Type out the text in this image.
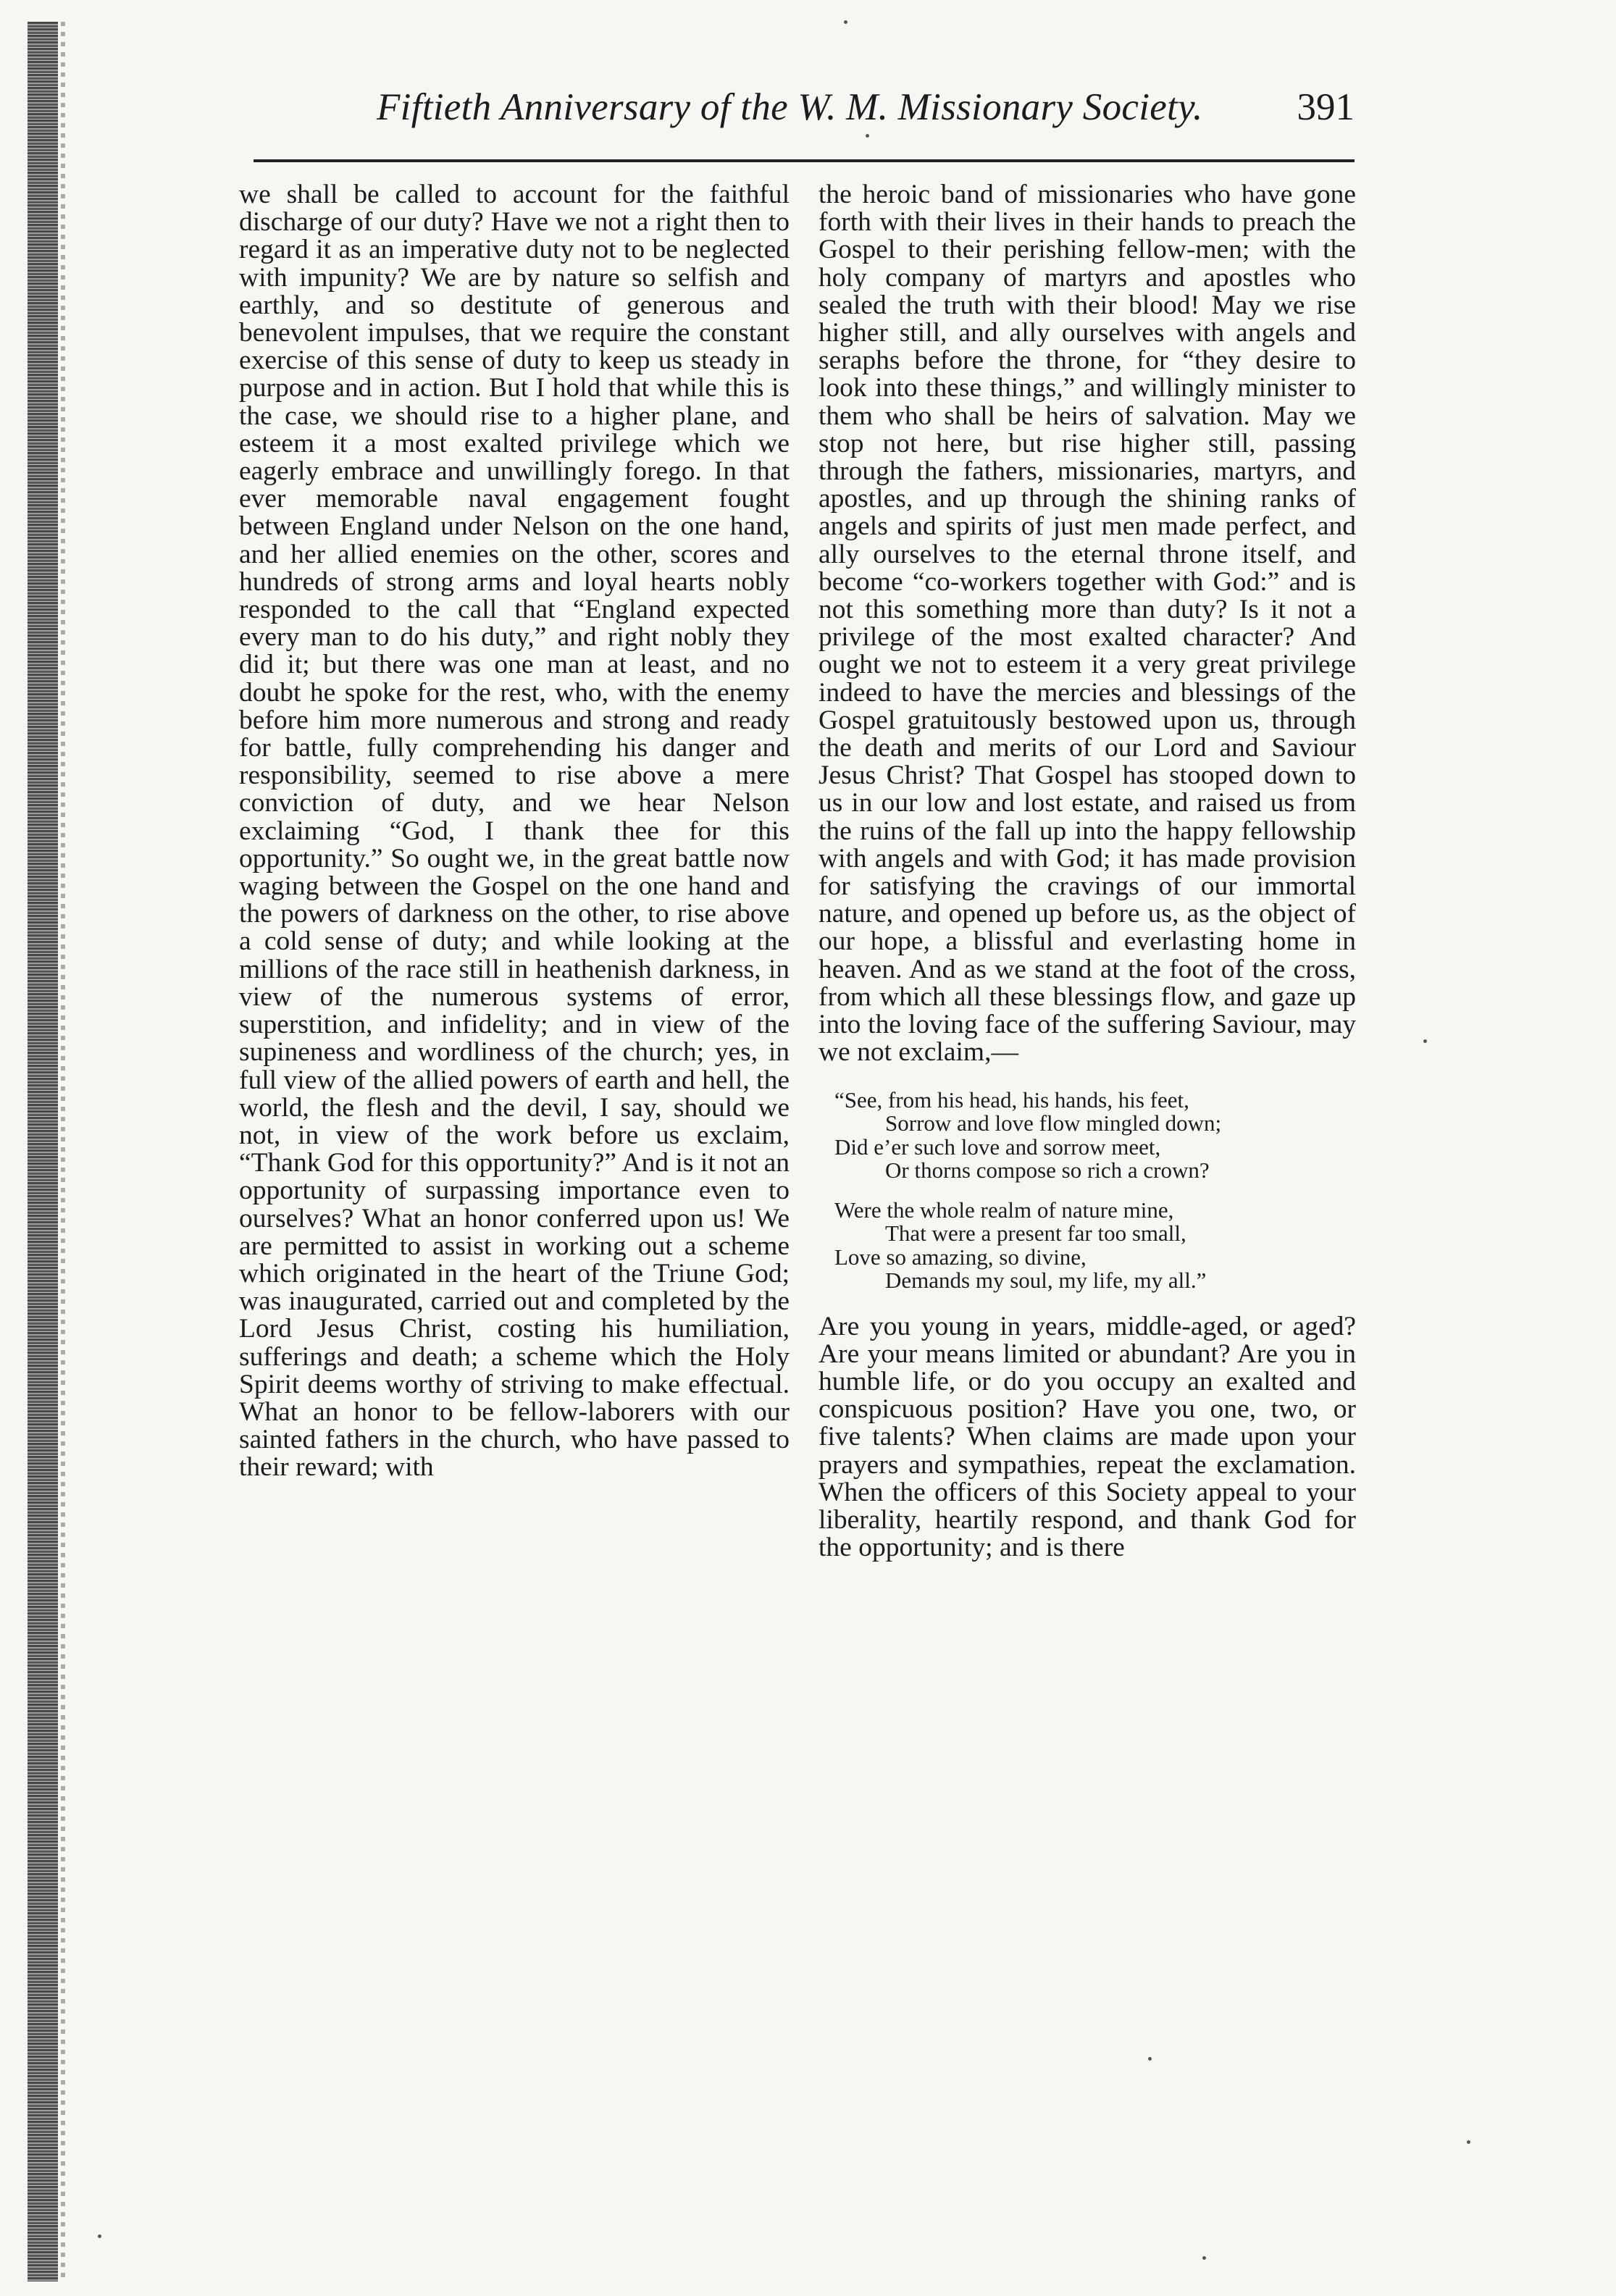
Fiftieth Anniversary of the W. M. Missionary Society. 391

we shall be called to account for the faithful discharge of our duty? Have we not a right then to regard it as an imperative duty not to be neglected with impunity? We are by nature so selfish and earthly, and so destitute of generous and benevolent impulses, that we require the constant exercise of this sense of duty to keep us steady in purpose and in action. But I hold that while this is the case, we should rise to a higher plane, and esteem it a most exalted privilege which we eagerly embrace and unwillingly forego. In that ever memorable naval engagement fought between England under Nelson on the one hand, and her allied enemies on the other, scores and hundreds of strong arms and loyal hearts nobly responded to the call that “England expected every man to do his duty,” and right nobly they did it; but there was one man at least, and no doubt he spoke for the rest, who, with the enemy before him more numerous and strong and ready for battle, fully comprehending his danger and responsibility, seemed to rise above a mere conviction of duty, and we hear Nelson exclaiming “God, I thank thee for this opportunity.” So ought we, in the great battle now waging between the Gospel on the one hand and the powers of darkness on the other, to rise above a cold sense of duty; and while looking at the millions of the race still in heathenish darkness, in view of the numerous systems of error, superstition, and infidelity; and in view of the supineness and wordliness of the church; yes, in full view of the allied powers of earth and hell, the world, the flesh and the devil, I say, should we not, in view of the work before us exclaim, “Thank God for this opportunity?” And is it not an opportunity of surpassing importance even to ourselves? What an honor conferred upon us! We are permitted to assist in working out a scheme which originated in the heart of the Triune God; was inaugurated, carried out and completed by the Lord Jesus Christ, costing his humiliation, sufferings and death; a scheme which the Holy Spirit deems worthy of striving to make effectual. What an honor to be fellow-laborers with our sainted fathers in the church, who have passed to their reward; with

the heroic band of missionaries who have gone forth with their lives in their hands to preach the Gospel to their perishing fellow-men; with the holy company of martyrs and apostles who sealed the truth with their blood! May we rise higher still, and ally ourselves with angels and seraphs before the throne, for “they desire to look into these things,” and willingly minister to them who shall be heirs of salvation. May we stop not here, but rise higher still, passing through the fathers, missionaries, martyrs, and apostles, and up through the shining ranks of angels and spirits of just men made perfect, and ally ourselves to the eternal throne itself, and become “co-workers together with God:” and is not this something more than duty? Is it not a privilege of the most exalted character? And ought we not to esteem it a very great privilege indeed to have the mercies and blessings of the Gospel gratuitously bestowed upon us, through the death and merits of our Lord and Saviour Jesus Christ? That Gospel has stooped down to us in our low and lost estate, and raised us from the ruins of the fall up into the happy fellowship with angels and with God; it has made provision for satisfying the cravings of our immortal nature, and opened up before us, as the object of our hope, a blissful and everlasting home in heaven. And as we stand at the foot of the cross, from which all these blessings flow, and gaze up into the loving face of the suffering Saviour, may we not exclaim,—

“See, from his head, his hands, his feet,
Sorrow and love flow mingled down;
Did e’er such love and sorrow meet,
Or thorns compose so rich a crown?
Were the whole realm of nature mine,
That were a present far too small,
Love so amazing, so divine,
Demands my soul, my life, my all.”

Are you young in years, middle-aged, or aged? Are your means limited or abundant? Are you in humble life, or do you occupy an exalted and conspicuous position? Have you one, two, or five talents? When claims are made upon your prayers and sympathies, repeat the exclamation. When the officers of this Society appeal to your liberality, heartily respond, and thank God for the opportunity; and is there
